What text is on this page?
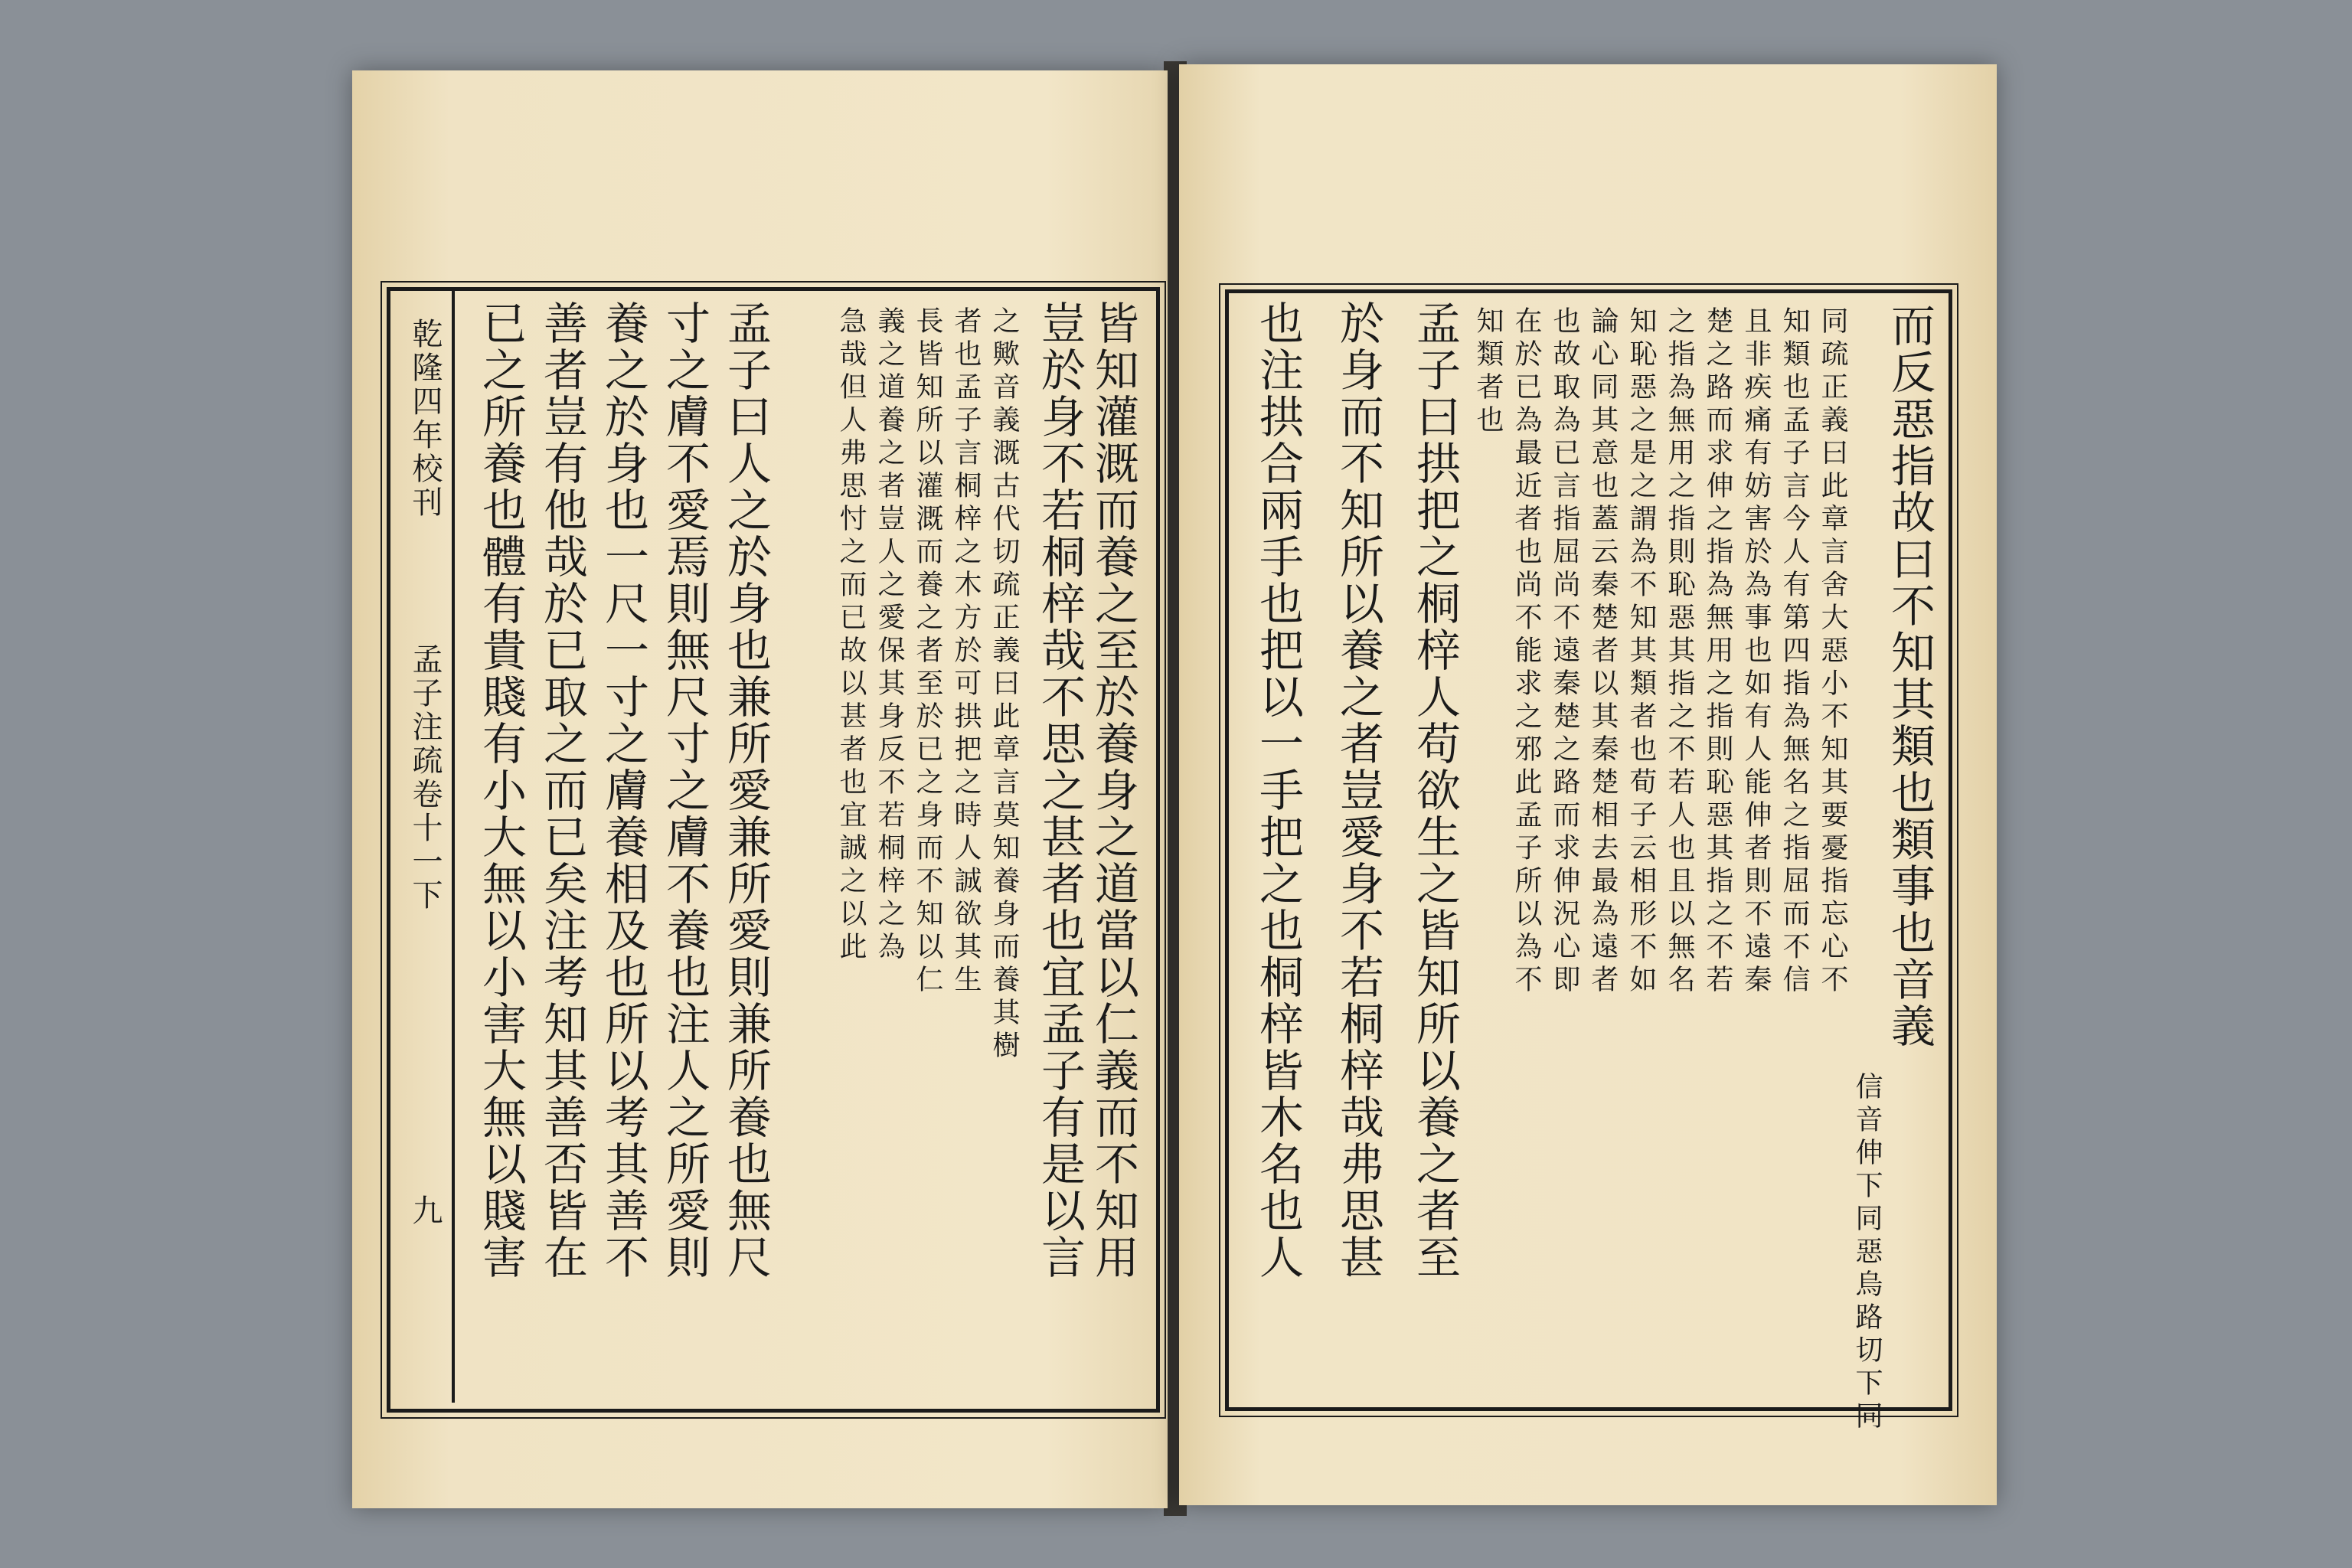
乾隆四年校刊
孟子注疏卷十一下
九	皆知灌溉而養之至於養身之道當以仁義而不知用
豈於身不若桐梓哉不思之甚者也宜孟子有是以言
之歟音義溉古代切疏正義曰此章言莫知養身而養其樹
者也孟子言桐梓之木方於可拱把之時人誠欲其生
長皆知所以灌溉而養之者至於已之身而不知以仁
義之道養之者豈人之愛保其身反不若桐梓之為
急哉但人弗思忖之而已故以甚者也宜誠之以此
孟子曰人之於身也兼所愛兼所愛則兼所養也無尺
寸之膚不愛焉則無尺寸之膚不養也注人之所愛則
養之於身也一尺一寸之膚養相及也所以考其善不
善者豈有他哉於已取之而已矣注考知其善否皆在
已之所養也體有貴賤有小大無以小害大無以賤害	而反惡指故曰不知其類也類事也音義
信音伸下同惡烏路切下同
同疏正義曰此章言舍大惡小不知其要憂指忘心不
知類也孟子言今人有第四指為無名之指屈而不信
且非疾痛有妨害於為事也如有人能伸者則不遠秦
楚之路而求伸之指為無用之指則恥惡其指之不若
之指為無用之指則恥惡其指之不若人也且以無名
知恥惡之是之謂為不知其類者也荀子云相形不如
論心同其意也蓋云秦楚者以其秦楚相去最為遠者
也故取為已言指屈尚不遠秦楚之路而求伸況心即
在於已為最近者也尚不能求之邪此孟子所以為不
知類者也
孟子曰拱把之桐梓人苟欲生之皆知所以養之者至
於身而不知所以養之者豈愛身不若桐梓哉弗思甚
也注拱合兩手也把以一手把之也桐梓皆木名也人
